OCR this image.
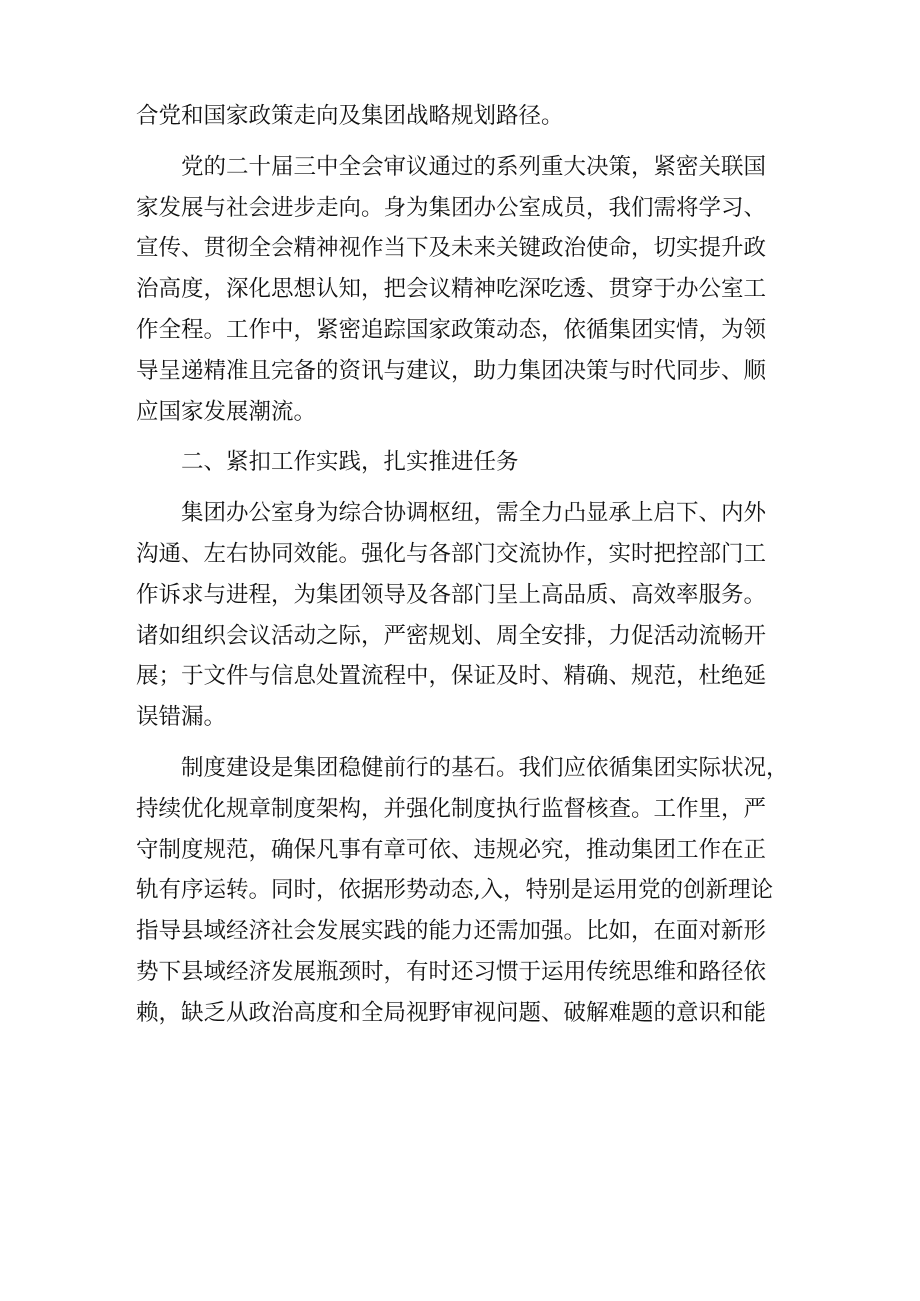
合党和国家政策走向及集团战略规划路径。
党的二十届三中全会审议通过的系列重大决策，紧密关联国
家发展与社会进步走向。身为集团办公室成员，我们需将学习、
宣传、贯彻全会精神视作当下及未来关键政治使命，切实提升政
治高度，深化思想认知，把会议精神吃深吃透、贯穿于办公室工
作全程。工作中，紧密追踪国家政策动态，依循集团实情，为领
导呈递精准且完备的资讯与建议，助力集团决策与时代同步、顺
应国家发展潮流。
二、紧扣工作实践，扎实推进任务
集团办公室身为综合协调枢纽，需全力凸显承上启下、内外
沟通、左右协同效能。强化与各部门交流协作，实时把控部门工
作诉求与进程，为集团领导及各部门呈上高品质、高效率服务。
诸如组织会议活动之际，严密规划、周全安排，力促活动流畅开
展；于文件与信息处置流程中，保证及时、精确、规范，杜绝延
误错漏。
制度建设是集团稳健前行的基石。我们应依循集团实际状况，
持续优化规章制度架构，并强化制度执行监督核查。工作里，严
守制度规范，确保凡事有章可依、违规必究，推动集团工作在正
轨有序运转。同时，依据形势动态,入，特别是运用党的创新理论
指导县域经济社会发展实践的能力还需加强。比如，在面对新形
势下县域经济发展瓶颈时，有时还习惯于运用传统思维和路径依
赖，缺乏从政治高度和全局视野审视问题、破解难题的意识和能
